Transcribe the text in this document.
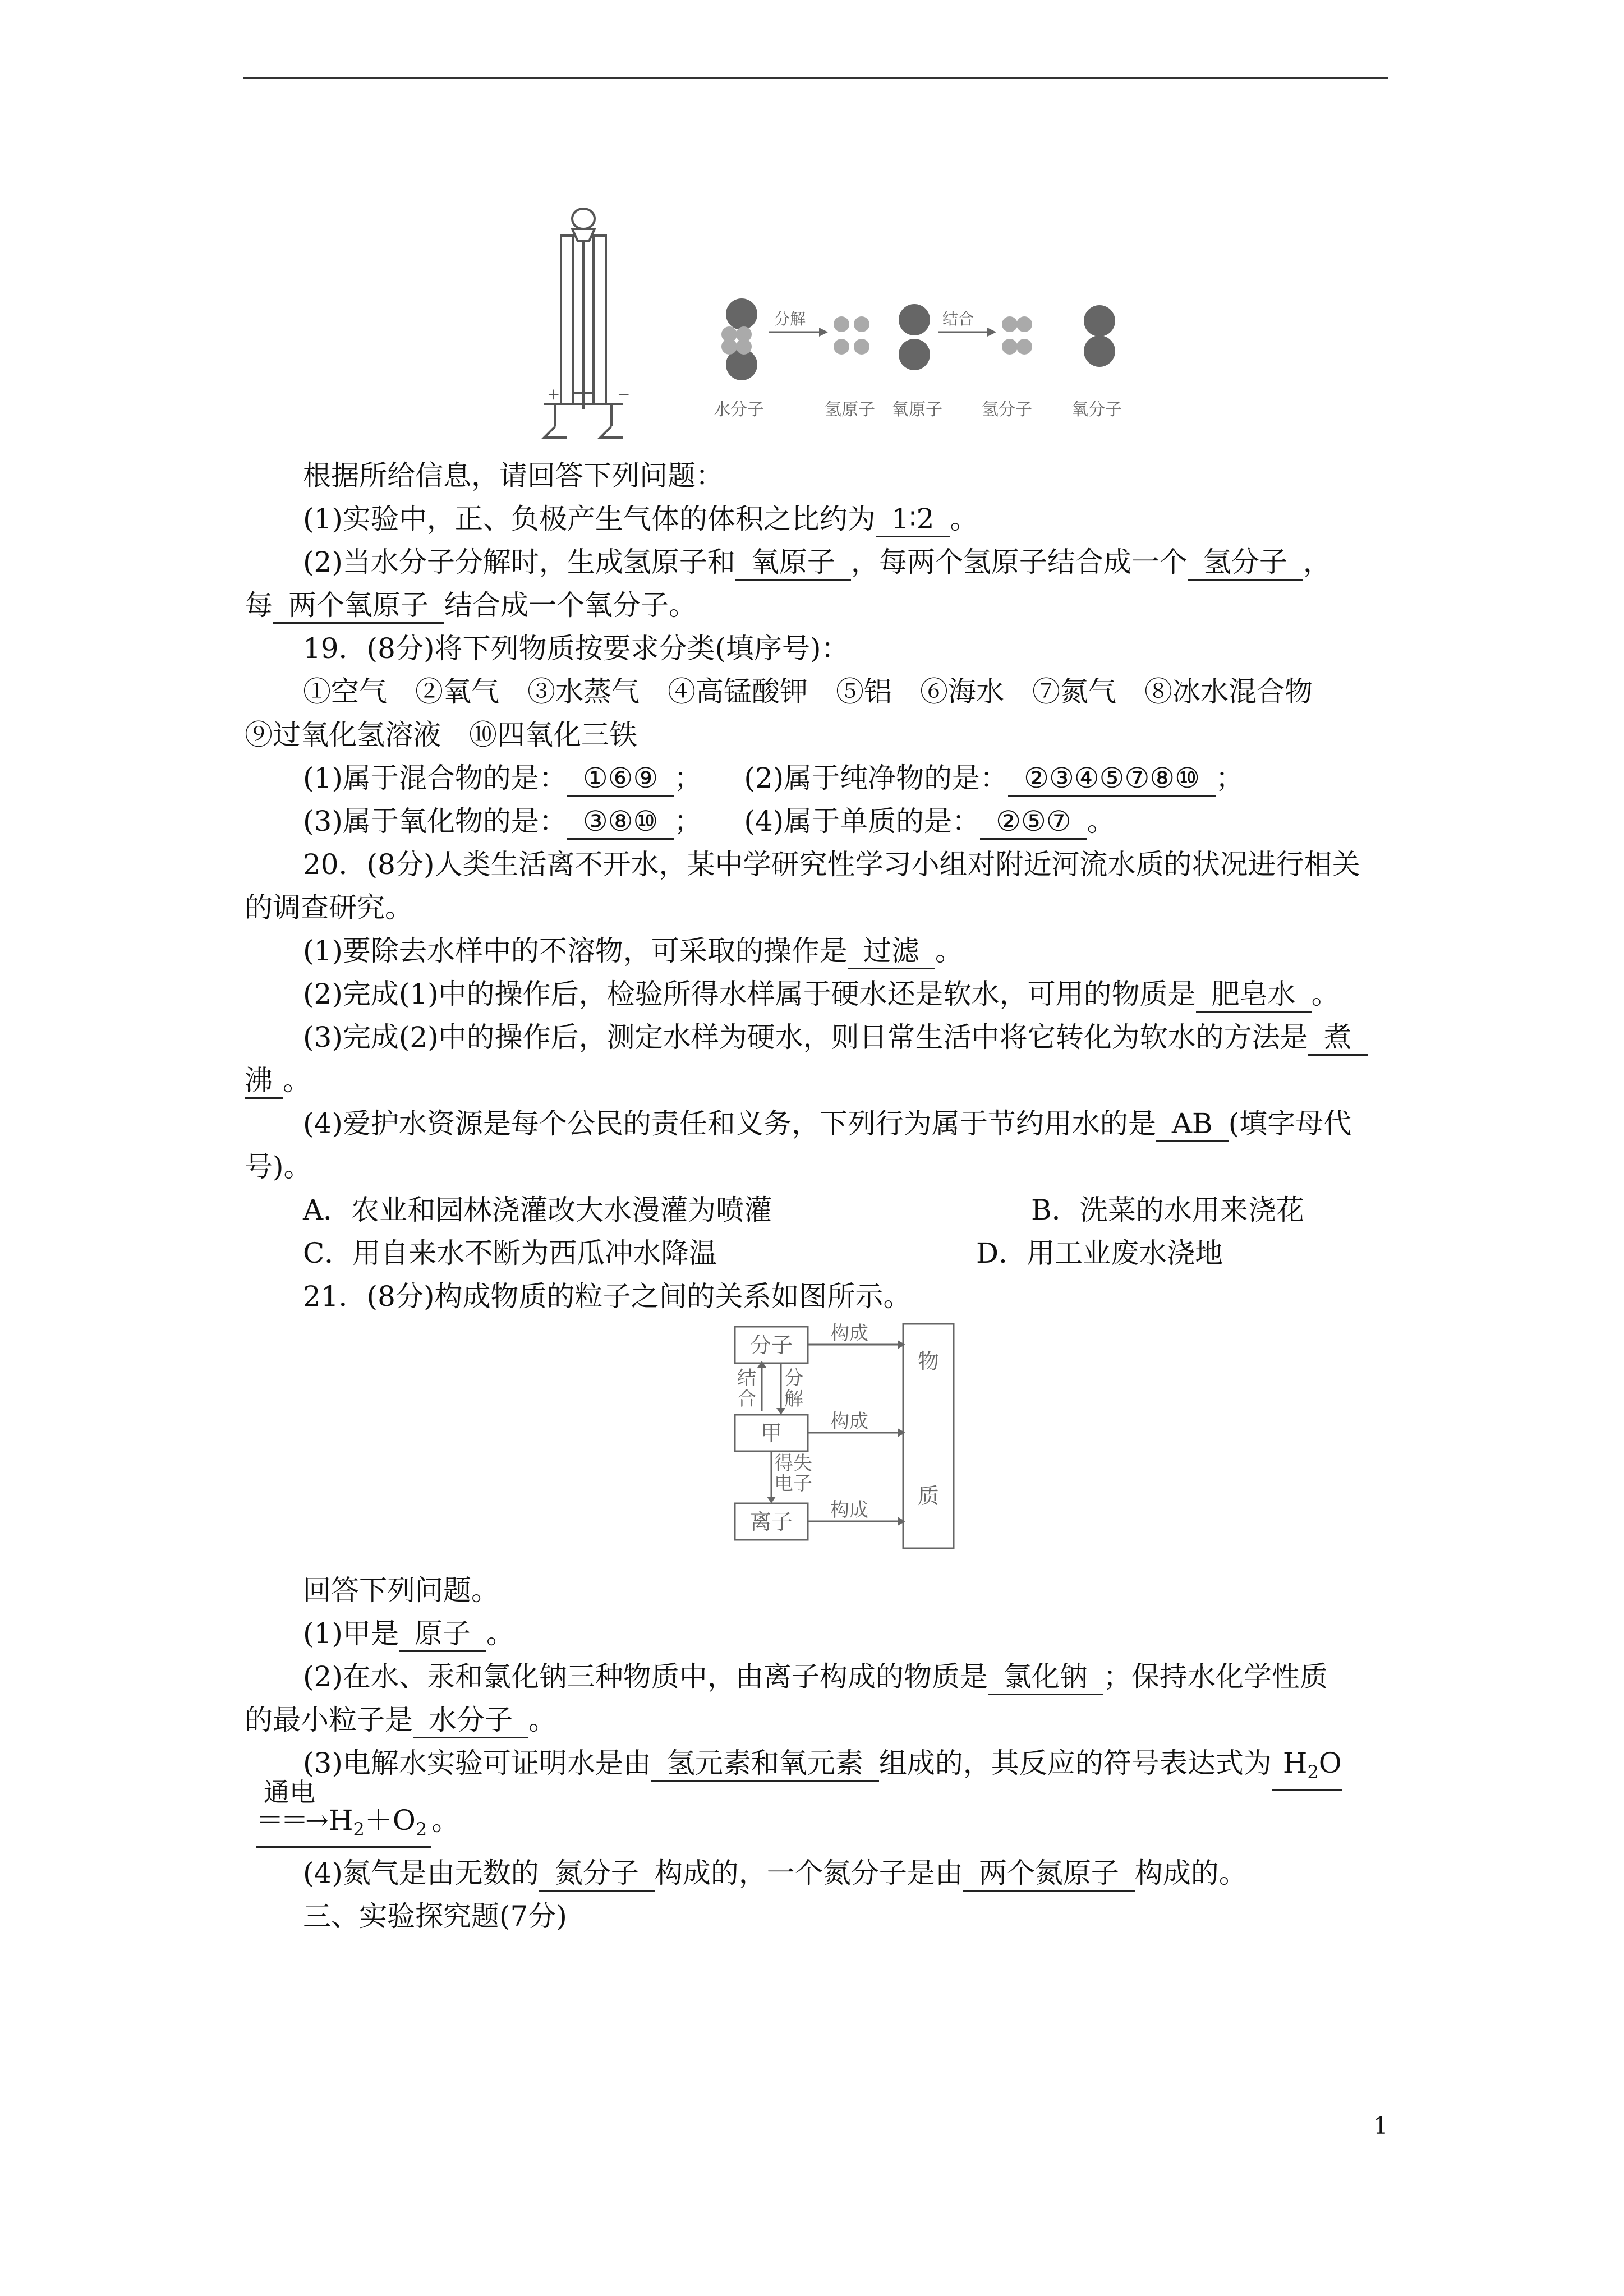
+	−
分解	结合
水分子	氢原子 氧原子 氢分子 氧分子
根据所给信息，请回答下列问题：
(1)实验中，正、负极产生气体的体积之比约为 1∶2 。
(2)当水分子分解时，生成氢原子和 氧原子 ，每两个氢原子结合成一个 氢分子 ，
每 两个氧原子 结合成一个氧分子。
19．(8分)将下列物质按要求分类(填序号)：
①空气　②氧气　③水蒸气　④高锰酸钾　⑤铝　⑥海水　⑦氮气　⑧冰水混合物
⑨过氧化氢溶液　⑩四氧化三铁
(1)属于混合物的是： ①⑥⑨ ；　　 (2)属于纯净物的是： ②③④⑤⑦⑧⑩ ；
(3)属于氧化物的是： ③⑧⑩ ；　　 (4)属于单质的是： ②⑤⑦ 。
20．(8分)人类生活离不开水，某中学研究性学习小组对附近河流水质的状况进行相关
的调查研究。
(1)要除去水样中的不溶物，可采取的操作是 过滤 。
(2)完成(1)中的操作后，检验所得水样属于硬水还是软水，可用的物质是 肥皂水 。
(3)完成(2)中的操作后，测定水样为硬水，则日常生活中将它转化为软水的方法是 煮
沸 。
(4)爱护水资源是每个公民的责任和义务，下列行为属于节约用水的是 AB (填字母代
号)。
A．农业和园林浇灌改大水漫灌为喷灌	B．洗菜的水用来浇花
C．用自来水不断为西瓜冲水降温	D．用工业废水浇地
21．(8分)构成物质的粒子之间的关系如图所示。
分子
甲
离子
物
质
构成
构成
构成
结
合
分
解
得
电
失
子
回答下列问题。
(1)甲是 原子 。
(2)在水、汞和氯化钠三种物质中，由离子构成的物质是 氯化钠 ；保持水化学性质
的最小粒子是 水分子 。
(3)电解水实验可证明水是由 氢元素和氧元素 组成的，其反应的符号表达式为 $H_2O$
通电
$==\to H_2+O_2$ 。
(4)氮气是由无数的 氮分子 构成的，一个氮分子是由 两个氮原子 构成的。
三、实验探究题(7分)
1
